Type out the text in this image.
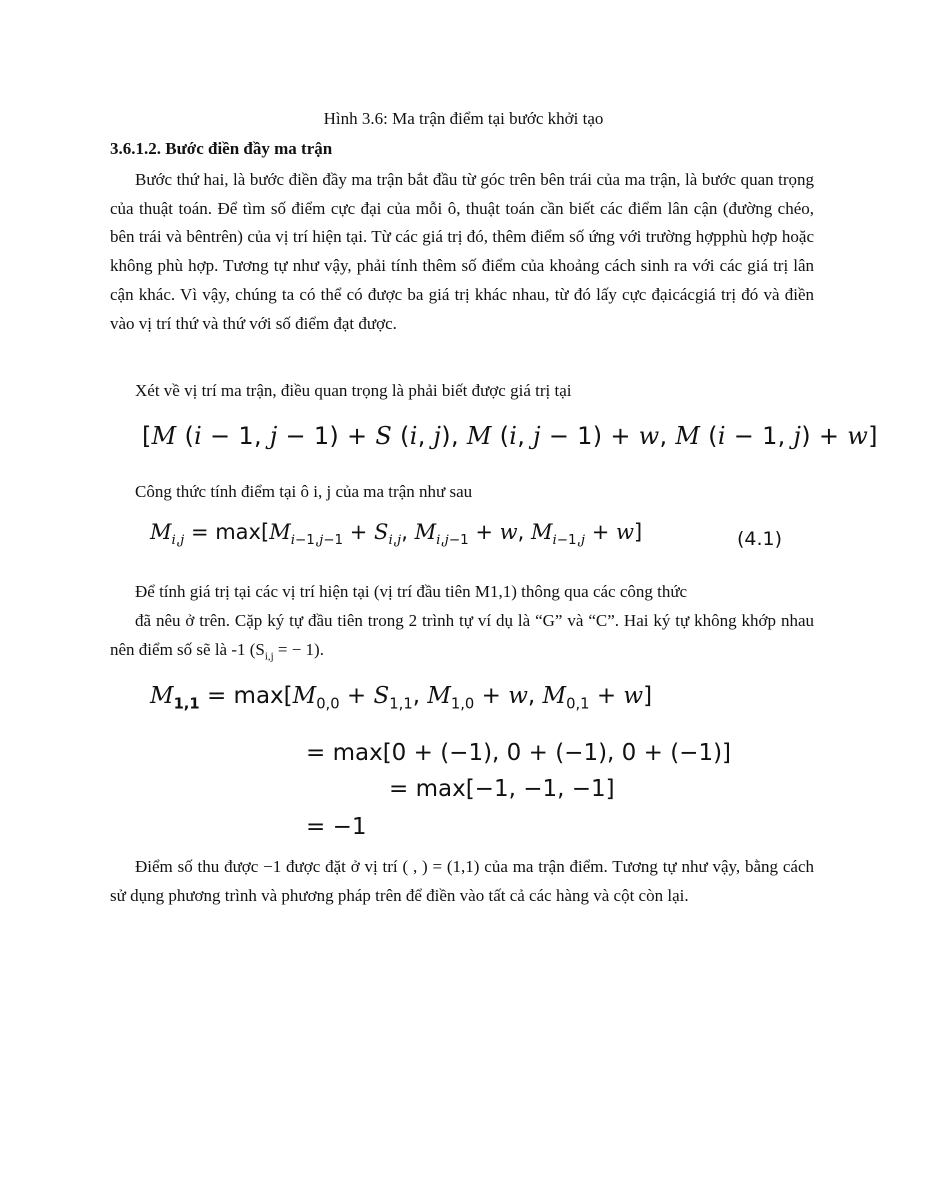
Hình 3.6: Ma trận điểm tại bước khởi tạo
3.6.1.2. Bước điền đầy ma trận
Bước thứ hai, là bước điền đầy ma trận bắt đầu từ góc trên bên trái của ma trận, là bước quan trọng của thuật toán. Để tìm số điểm cực đại của mỗi ô, thuật toán cần biết các điểm lân cận (đường chéo, bên trái và bêntrên) của vị trí hiện tại. Từ các giá trị đó, thêm điểm số ứng với trường hợpphù hợp hoặc không phù hợp. Tương tự như vậy, phải tính thêm số điểm của khoảng cách sinh ra với các giá trị lân cận khác. Vì vậy, chúng ta có thể có được ba giá trị khác nhau, từ đó lấy cực đạicácgiá trị đó và điền vào vị trí thứ và thứ với số điểm đạt được.
Xét về vị trí ma trận, điều quan trọng là phải biết được giá trị tại
[M (i − 1, j − 1) + S (i, j), M (i, j − 1) + w, M (i − 1, j) + w]
Công thức tính điểm tại ô i, j của ma trận như sau
$M_{i,j} = \max[M_{i-1,j-1} + S_{i,j}$, $M_{i,j-1} + w$, $M_{i-1,j} + w$]	(4.1)
Để tính giá trị tại các vị trí hiện tại (vị trí đầu tiên M1,1) thông qua các công thức
đã nêu ở trên. Cặp ký tự đầu tiên trong 2 trình tự ví dụ là “G” và “C”. Hai ký tự không khớp nhau nên điểm số sẽ là -1 ($S_{i,j}$ = − 1).
$M_{1,1} = \max[M_{0,0} + S_{1,1}$, $M_{1,0} + w$, $M_{0,1} + w$]
= max[0 + (−1), 0 + (−1), 0 + (−1)]
= max[−1, −1, −1]
= −1
Điểm số thu được −1 được đặt ở vị trí ( , ) = (1,1) của ma trận điểm. Tương tự như vậy, bằng cách sử dụng phương trình và phương pháp trên để điền vào tất cả các hàng và cột còn lại.
